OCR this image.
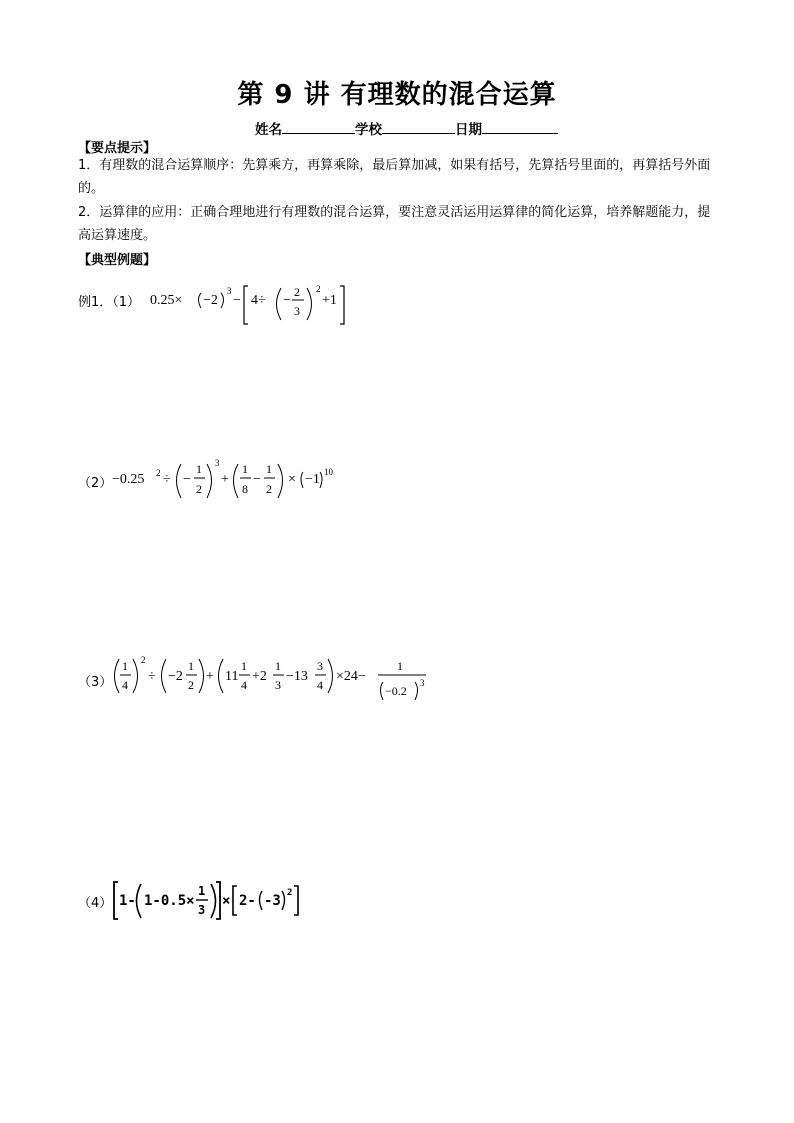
第 9 讲 有理数的混合运算
姓名	学校	日期
【要点提示】
1．有理数的混合运算顺序：先算乘方，再算乘除，最后算加减，如果有括号，先算括号里面的，再算括号外面的。
2．运算律的应用：正确合理地进行有理数的混合运算，要注意灵活运用运算律的简化运算，培养解题能力，提高运算速度。
【典型例题】
例1．（1） 0.25× −2
3
− 4÷ −
2
3
2
+1
（2） −0.25 2 ÷ −
1
2
3
+
1
8
−
1
2
× −1 10
（3）
1
4
2
÷ −2
1
2
+ 11
1
4
+2
1
3
−13
3
4
×24−
1
−0.2
3
（4） 1- 1-0.5×
1
3
× 2- -3 2
